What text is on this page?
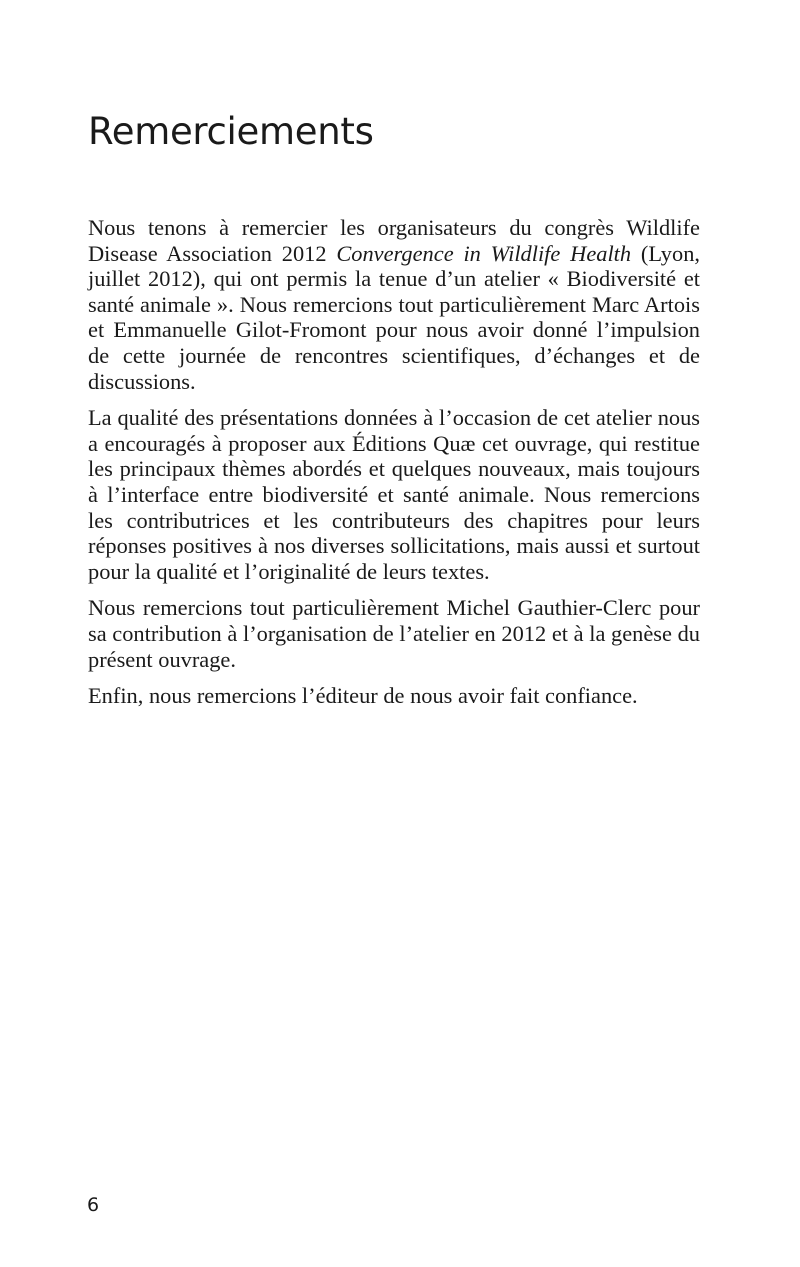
Remerciements

Nous tenons à remercier les organisateurs du congrès Wildlife Disease Association 2012 Convergence in Wildlife Health (Lyon, juillet 2012), qui ont permis la tenue d’un atelier « Biodiversité et santé animale ». Nous remercions tout particulièrement Marc Artois et Emmanuelle Gilot-Fromont pour nous avoir donné l’impulsion de cette journée de rencontres scientifiques, d’échanges et de discussions.

La qualité des présentations données à l’occasion de cet atelier nous a encouragés à proposer aux Éditions Quæ cet ouvrage, qui restitue les principaux thèmes abordés et quelques nouveaux, mais toujours à l’interface entre biodiversité et santé animale. Nous remercions les contributrices et les contributeurs des chapitres pour leurs réponses positives à nos diverses sollicitations, mais aussi et surtout pour la qualité et l’originalité de leurs textes.

Nous remercions tout particulièrement Michel Gauthier-Clerc pour sa contribution à l’organisation de l’atelier en 2012 et à la genèse du présent ouvrage.

Enfin, nous remercions l’éditeur de nous avoir fait confiance.

6
